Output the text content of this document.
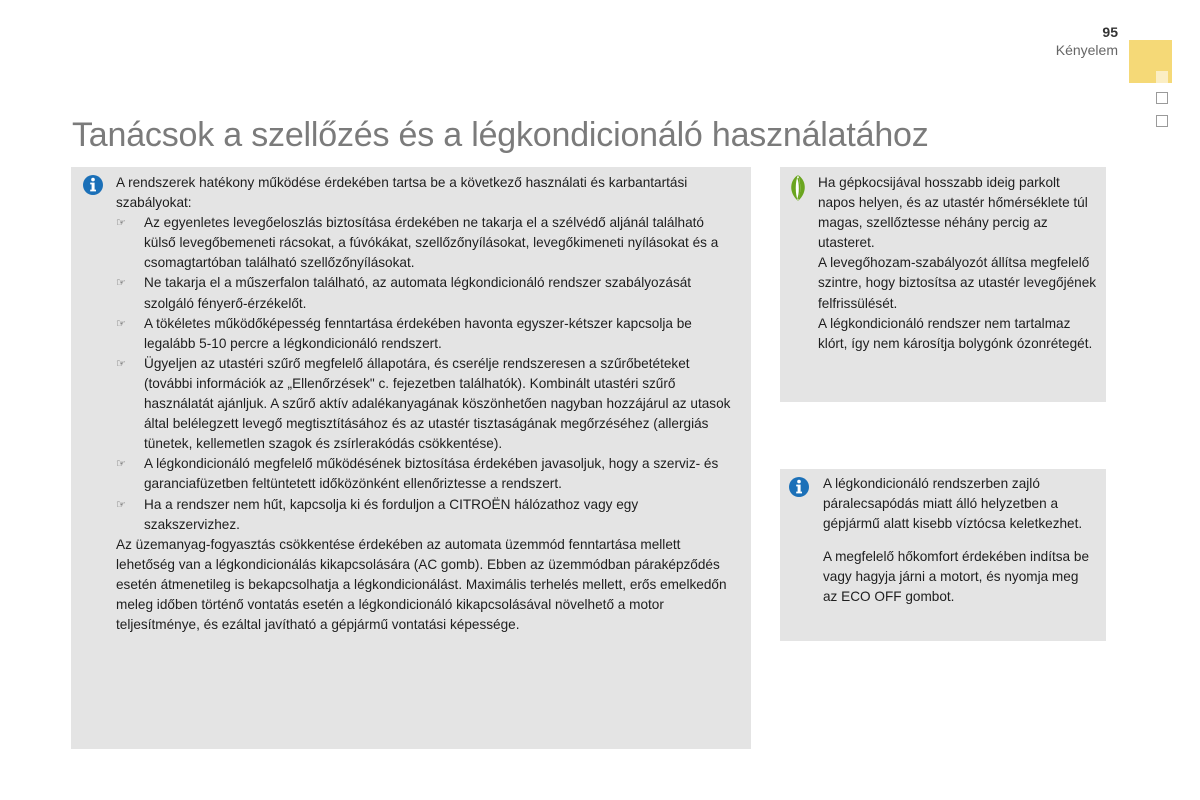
95
Kényelem
Tanácsok a szellőzés és a légkondicionáló használatához

A rendszerek hatékony működése érdekében tartsa be a következő használati és karbantartási szabályokat:

☞ Az egyenletes levegőeloszlás biztosítása érdekében ne takarja el a szélvédő aljánál található külső levegőbemeneti rácsokat, a fúvókákat, szellőzőnyílásokat, levegőkimeneti nyílásokat és a csomagtartóban található szellőzőnyílásokat.
☞ Ne takarja el a műszerfalon található, az automata légkondicionáló rendszer szabályozását szolgáló fényerő-érzékelőt.
☞ A tökéletes működőképesség fenntartása érdekében havonta egyszer-kétszer kapcsolja be legalább 5-10 percre a légkondicionáló rendszert.
☞ Ügyeljen az utastéri szűrő megfelelő állapotára, és cserélje rendszeresen a szűrőbetéteket (további információk az „Ellenőrzések" c. fejezetben találhatók). Kombinált utastéri szűrő használatát ajánljuk. A szűrő aktív adalékanyagának köszönhetően nagyban hozzájárul az utasok által belélegzett levegő megtisztításához és az utastér tisztaságának megőrzéséhez (allergiás tünetek, kellemetlen szagok és zsírlerakódás csökkentése).
☞ A légkondicionáló megfelelő működésének biztosítása érdekében javasoljuk, hogy a szerviz- és garanciafüzetben feltüntetett időközönként ellenőriztesse a rendszert.
☞ Ha a rendszer nem hűt, kapcsolja ki és forduljon a CITROËN hálózathoz vagy egy szakszervizhez.

Az üzemanyag-fogyasztás csökkentése érdekében az automata üzemmód fenntartása mellett lehetőség van a légkondicionálás kikapcsolására (AC gomb). Ebben az üzemmódban páraképződés esetén átmenetileg is bekapcsolhatja a légkondicionálást. Maximális terhelés mellett, erős emelkedőn meleg időben történő vontatás esetén a légkondicionáló kikapcsolásával növelhető a motor teljesítménye, és ezáltal javítható a gépjármű vontatási képessége.

Ha gépkocsijával hosszabb ideig parkolt napos helyen, és az utastér hőmérséklete túl magas, szellőztesse néhány percig az utasteret.

A levegőhozam-szabályozót állítsa megfelelő szintre, hogy biztosítsa az utastér levegőjének felfrissülését.

A légkondicionáló rendszer nem tartalmaz klórt, így nem károsítja bolygónk ózonrétegét.

A légkondicionáló rendszerben zajló páralecsapódás miatt álló helyzetben a gépjármű alatt kisebb víztócsa keletkezhet.

A megfelelő hőkomfort érdekében indítsa be vagy hagyja járni a motort, és nyomja meg az ECO OFF gombot.
